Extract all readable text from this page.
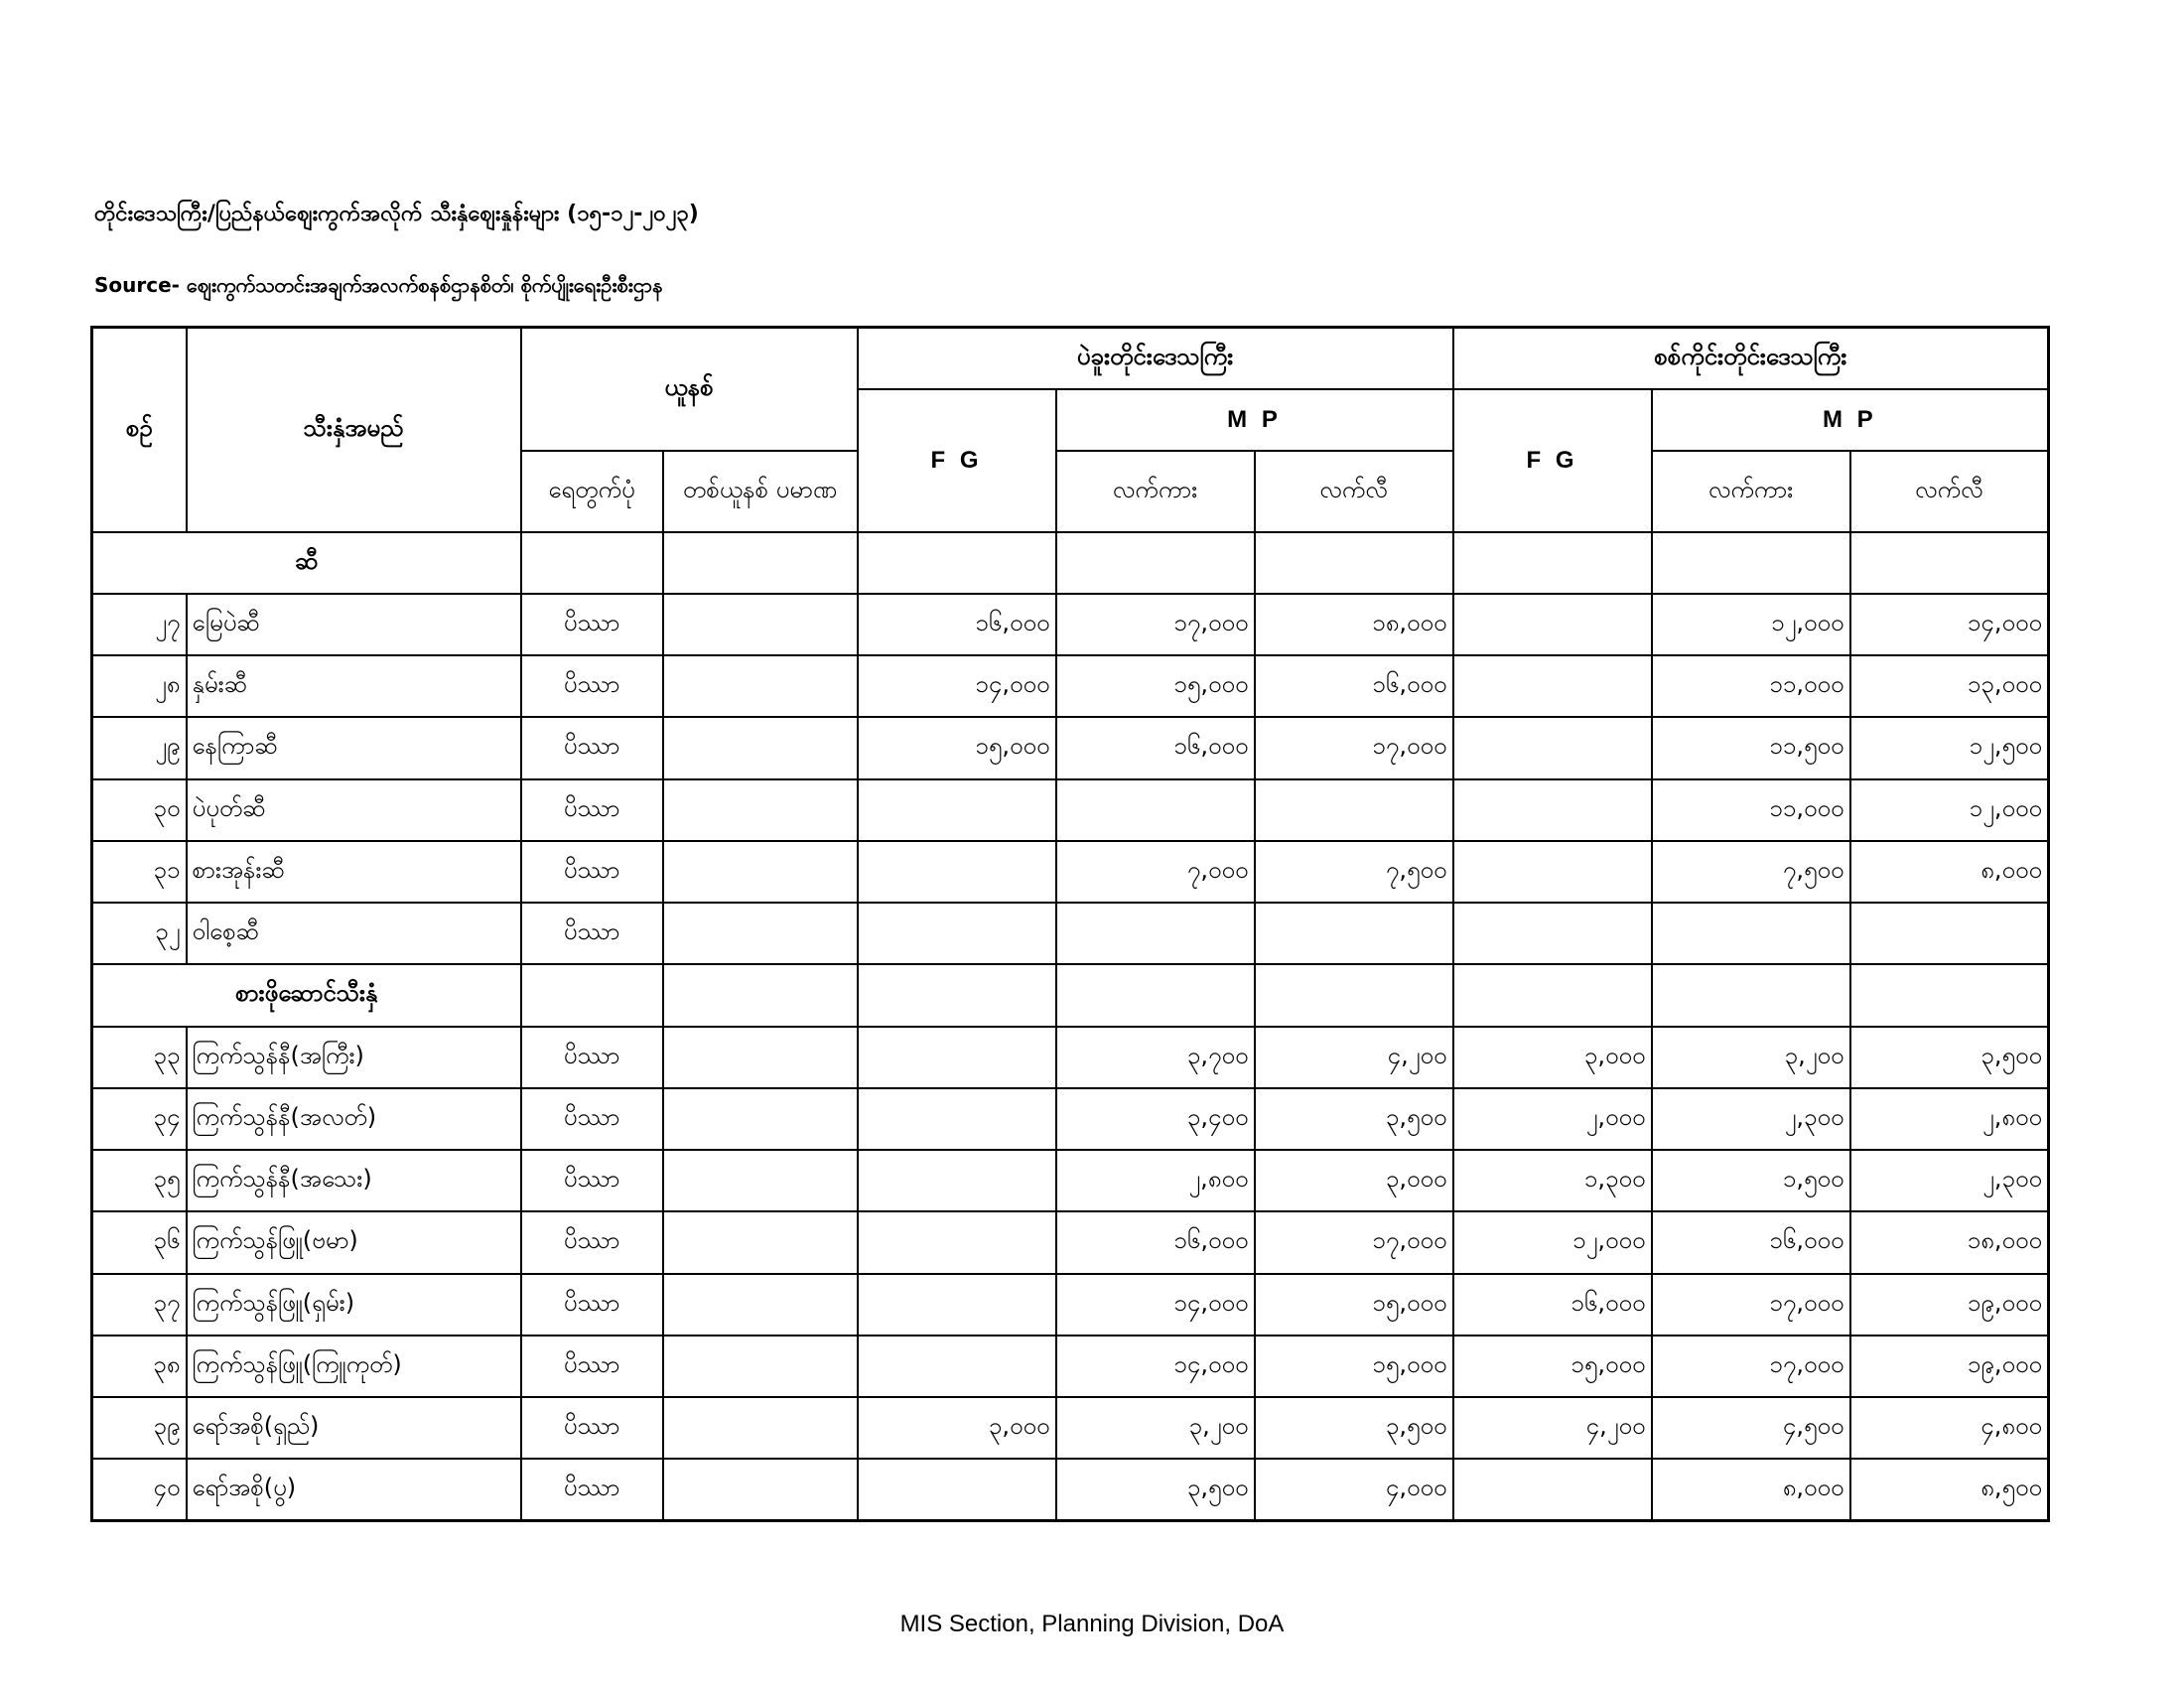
တိုင်းဒေသကြီး/ပြည်နယ်ဈေးကွက်အလိုက် သီးနှံဈေးနှုန်းများ (၁၅-၁၂-၂၀၂၃)
Source- ဈေးကွက်သတင်းအချက်အလက်စနစ်ဌာနစိတ်၊ စိုက်ပျိုးရေးဦးစီးဌာန
စဉ်	သီးနှံအမည်	ယူနစ်		ပဲခူးတိုင်းဒေသကြီး			စစ်ကိုင်းတိုင်းဒေသကြီး		
				F G	M P		F G	M P	
		ရေတွက်ပုံ	တစ်ယူနစ် ပမာဏ		လက်ကား	လက်လီ		လက်ကား	လက်လီ
ဆီ									
၂၇	မြေပဲဆီ	ပိဿာ		၁၆,၀၀၀	၁၇,၀၀၀	၁၈,၀၀၀		၁၂,၀၀၀	၁၄,၀၀၀
၂၈	နှမ်းဆီ	ပိဿာ		၁၄,၀၀၀	၁၅,၀၀၀	၁၆,၀၀၀		၁၁,၀၀၀	၁၃,၀၀၀
၂၉	နေကြာဆီ	ပိဿာ		၁၅,၀၀၀	၁၆,၀၀၀	၁၇,၀၀၀		၁၁,၅၀၀	၁၂,၅၀၀
၃၀	ပဲပုတ်ဆီ	ပိဿာ						၁၁,၀၀၀	၁၂,၀၀၀
၃၁	စားအုန်းဆီ	ပိဿာ			၇,၀၀၀	၇,၅၀၀		၇,၅၀၀	၈,၀၀၀
၃၂	ဝါစေ့ဆီ	ပိဿာ							
စားဖိုဆောင်သီးနှံ									
၃၃	ကြက်သွန်နီ(အကြီး)	ပိဿာ			၃,၇၀၀	၄,၂၀၀	၃,၀၀၀	၃,၂၀၀	၃,၅၀၀
၃၄	ကြက်သွန်နီ(အလတ်)	ပိဿာ			၃,၄၀၀	၃,၅၀၀	၂,၀၀၀	၂,၃၀၀	၂,၈၀၀
၃၅	ကြက်သွန်နီ(အသေး)	ပိဿာ			၂,၈၀၀	၃,၀၀၀	၁,၃၀၀	၁,၅၀၀	၂,၃၀၀
၃၆	ကြက်သွန်ဖြူ(ဗမာ)	ပိဿာ			၁၆,၀၀၀	၁၇,၀၀၀	၁၂,၀၀၀	၁၆,၀၀၀	၁၈,၀၀၀
၃၇	ကြက်သွန်ဖြူ(ရှမ်း)	ပိဿာ			၁၄,၀၀၀	၁၅,၀၀၀	၁၆,၀၀၀	၁၇,၀၀၀	၁၉,၀၀၀
၃၈	ကြက်သွန်ဖြူ(ကြူကုတ်)	ပိဿာ			၁၄,၀၀၀	၁၅,၀၀၀	၁၅,၀၀၀	၁၇,၀၀၀	၁၉,၀၀၀
၃၉	ရော်အစို(ရှည်)	ပိဿာ		၃,၀၀၀	၃,၂၀၀	၃,၅၀၀	၄,၂၀၀	၄,၅၀၀	၄,၈၀၀
၄၀	ရော်အစို(ပွ)	ပိဿာ			၃,၅၀၀	၄,၀၀၀		၈,၀၀၀	၈,၅၀၀
MIS Section, Planning Division, DoA
